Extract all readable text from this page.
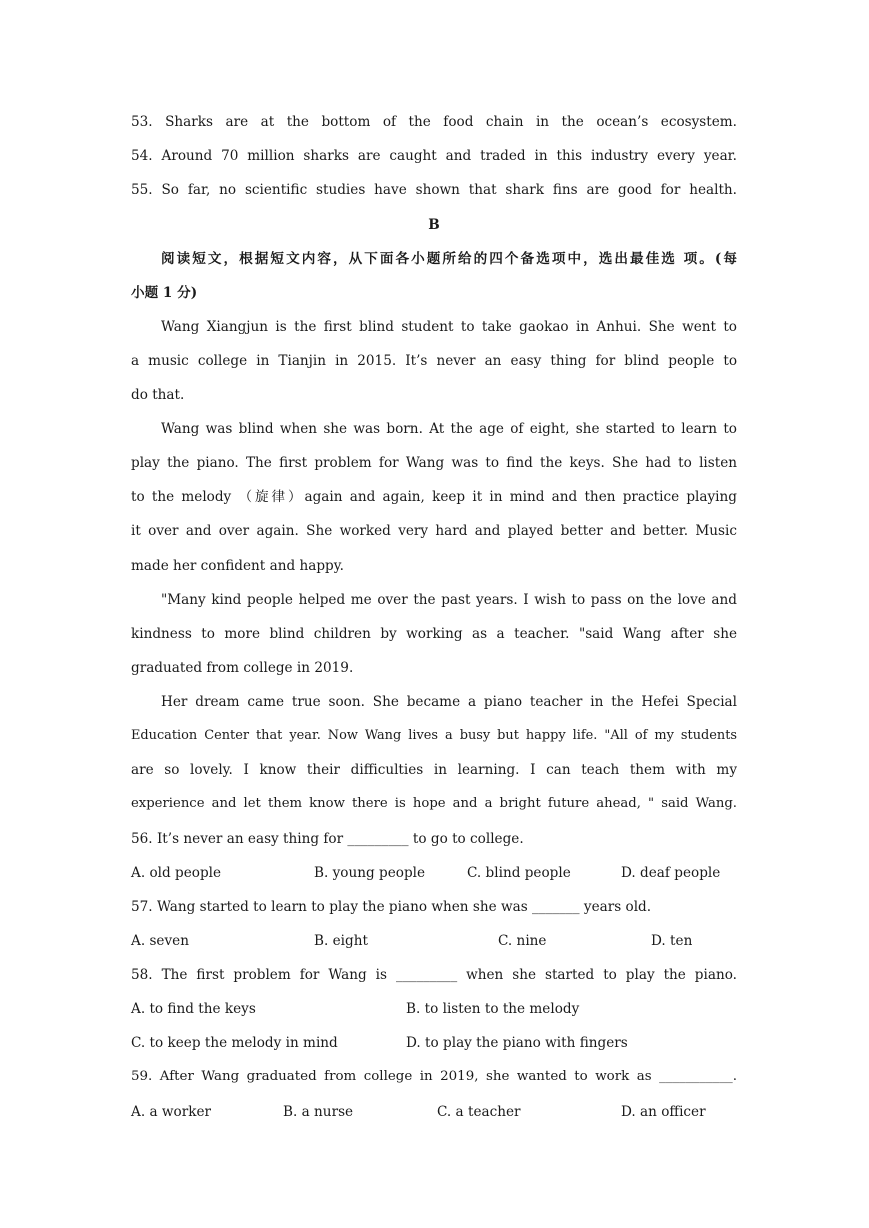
53. Sharks are at the bottom of the food chain in the ocean’s ecosystem.
54. Around 70 million sharks are caught and traded in this industry every year.
55. So far, no scientific studies have shown that shark fins are good for health.
B
阅读短文，根据短文内容，从下面各小题所给的四个备选项中，选出最佳选 项。(每
小题 1 分)
Wang Xiangjun is the first blind student to take gaokao in Anhui. She went to
a music college in Tianjin in 2015. It’s never an easy thing for blind people to
do that.
Wang was blind when she was born. At the age of eight, she started to learn to
play the piano. The first problem for Wang was to find the keys. She had to listen
to the melody （旋律）again and again, keep it in mind and then practice playing
it over and over again. She worked very hard and played better and better. Music
made her confident and happy.
"Many kind people helped me over the past years. I wish to pass on the love and
kindness to more blind children by working as a teacher. "said Wang after she
graduated from college in 2019.
Her dream came true soon. She became a piano teacher in the Hefei Special
Education Center that year. Now Wang lives a busy but happy life. "All of my students
are so lovely. I know their difficulties in learning. I can teach them with my
experience and let them know there is hope and a bright future ahead, " said Wang.
56. It’s never an easy thing for _________ to go to college.
A. old people	B. young people	C. blind people	D. deaf people
57. Wang started to learn to play the piano when she was _______ years old.
A. seven	B. eight	C. nine	D. ten
58. The first problem for Wang is _________ when she started to play the piano.
A. to find the keys	B. to listen to the melody
C. to keep the melody in mind	D. to play the piano with fingers
59. After Wang graduated from college in 2019, she wanted to work as ___________.
A. a worker	B. a nurse	C. a teacher	D. an officer
